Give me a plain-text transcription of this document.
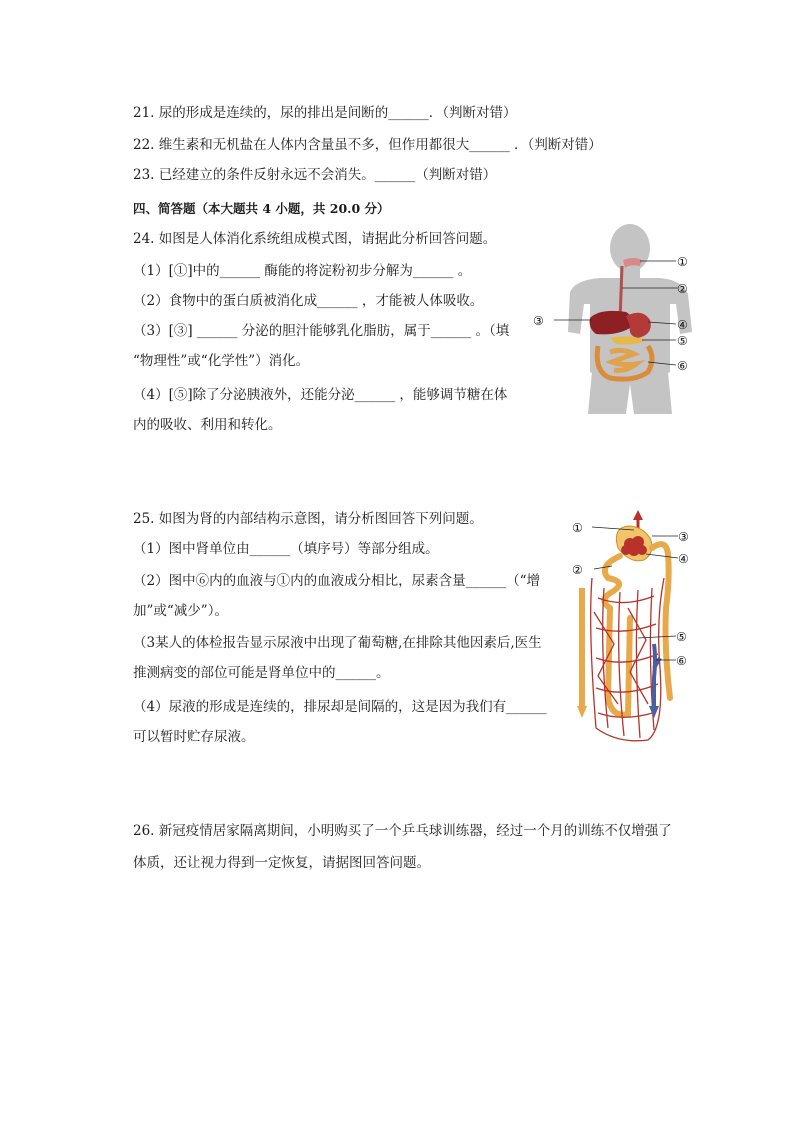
21. 尿的形成是连续的，尿的排出是间断的______．（判断对错）
22. 维生素和无机盐在人体内含量虽不多，但作用都很大______ ．（判断对错）
23. 已经建立的条件反射永远不会消失。______（判断对错）
四、简答题（本大题共 4 小题，共 20.0 分）
24. 如图是人体消化系统组成模式图，请据此分析回答问题。
（1）[①]中的______ 酶能的将淀粉初步分解为______ 。
（2）食物中的蛋白质被消化成______ ，才能被人体吸收。
（3）[③] ______ 分泌的胆汁能够乳化脂肪，属于______ 。（填
“物理性”或“化学性”）消化。
（4）[⑤]除了分泌胰液外，还能分泌______ ，能够调节糖在体
内的吸收、利用和转化。
①
②
③	④
⑤
⑥
25. 如图为肾的内部结构示意图，请分析图回答下列问题。
（1）图中肾单位由______（填序号）等部分组成。
（2）图中⑥内的血液与①内的血液成分相比，尿素含量______（“增
加”或“减少”）。
（3某人的体检报告显示尿液中出现了葡萄糖,在排除其他因素后,医生
推测病变的部位可能是肾单位中的______。
（4）尿液的形成是连续的，排尿却是间隔的，这是因为我们有______
可以暂时贮存尿液。
①
②
③
④
⑤
⑥
26. 新冠疫情居家隔离期间，小明购买了一个乒乓球训练器，经过一个月的训练不仅增强了
体质，还让视力得到一定恢复，请据图回答问题。
